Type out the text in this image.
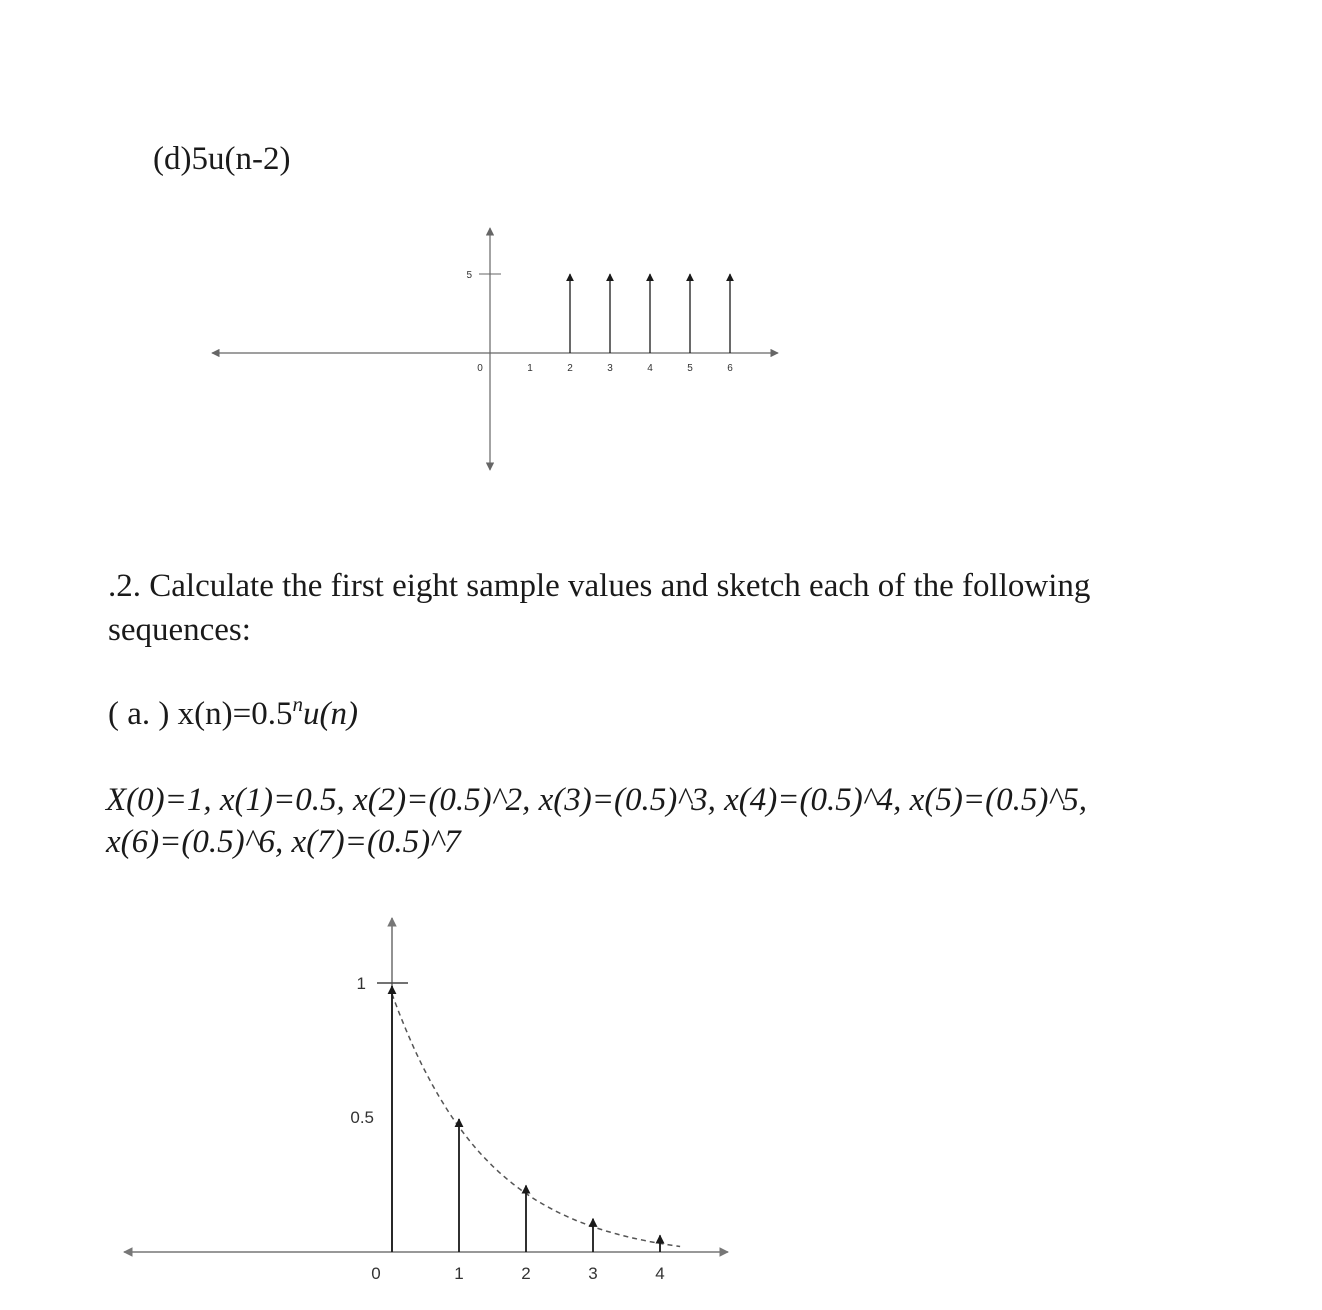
(d)5u(n-2)
5
0	1	2	3	4	5	6
1
0.5
0	1	2	3	4
.2. Calculate the first eight sample values and sketch each of the following
sequences:
( a. ) $x(n)=0.5^nu(n)$
X(0)=1, x(1)=0.5, x(2)=(0.5)^2, x(3)=(0.5)^3, x(4)=(0.5)^4, x(5)=(0.5)^5,
x(6)=(0.5)^6, x(7)=(0.5)^7
